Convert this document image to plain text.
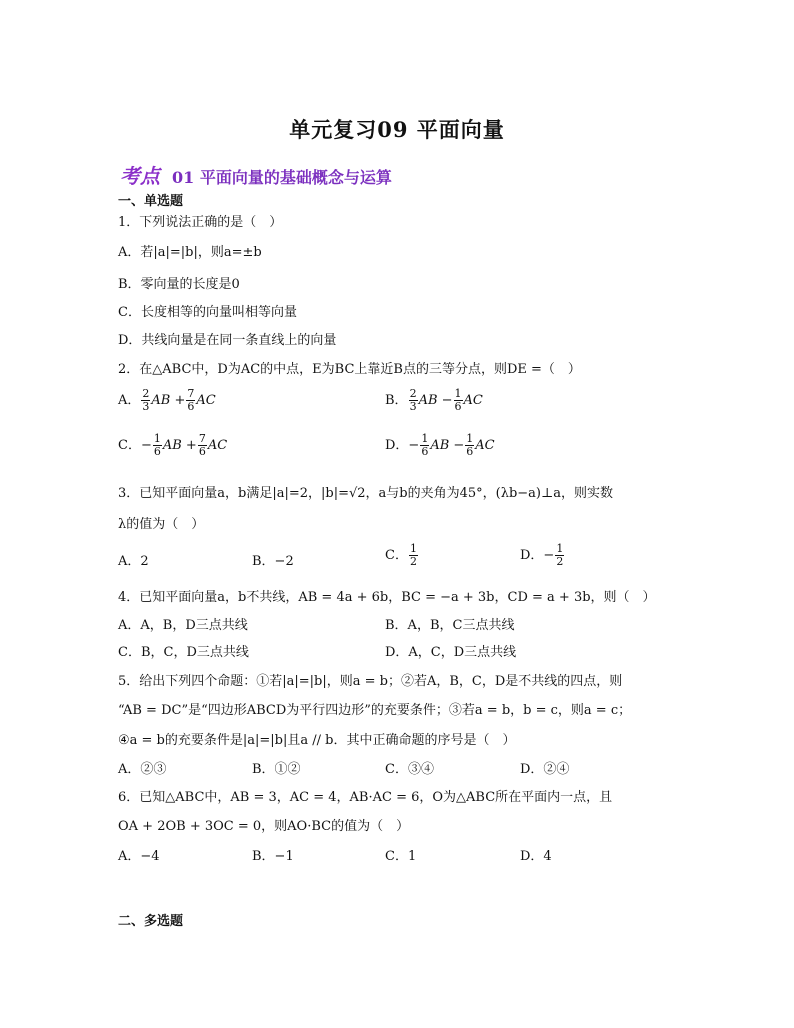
单元复习09 平面向量
考点 01 平面向量的基础概念与运算
一、单选题
1．下列说法正确的是（　）
A．若|a|=|b|，则a=±b
B．零向量的长度是0
C．长度相等的向量叫相等向量
D．共线向量是在同一条直线上的向量
2．在△ABC中，D为AC的中点，E为BC上靠近B点的三等分点，则DE =（　）
A． $\frac{2}{3}$ AB + $\frac{7}{6}$ AC	B． $\frac{2}{3}$ AB − $\frac{1}{6}$ AC
C．− $\frac{1}{6}$ AB + $\frac{7}{6}$ AC	D．− $\frac{1}{6}$ AB − $\frac{1}{6}$ AC
3．已知平面向量a，b满足|a|=2，|b|=√2，a与b的夹角为45°，(λb−a)⊥a，则实数
λ的值为（　）
A．2	B．−2	C． $\frac{1}{2}$	D．− $\frac{1}{2}$
4．已知平面向量a，b不共线，AB = 4a + 6b，BC = −a + 3b，CD = a + 3b，则（　）
A．A，B，D三点共线	B．A，B，C三点共线
C．B，C，D三点共线	D．A，C，D三点共线
5．给出下列四个命题：①若|a|=|b|，则a = b；②若A，B，C，D是不共线的四点，则
“AB = DC”是“四边形ABCD为平行四边形”的充要条件；③若a = b，b = c，则a = c；
④a = b的充要条件是|a|=|b|且a // b．其中正确命题的序号是（　）
A．②③	B．①②	C．③④	D．②④
6．已知△ABC中，AB = 3，AC = 4，AB·AC = 6，O为△ABC所在平面内一点，且
OA + 2OB + 3OC = 0，则AO·BC的值为（　）
A．−4	B．−1	C．1	D．4
二、多选题
